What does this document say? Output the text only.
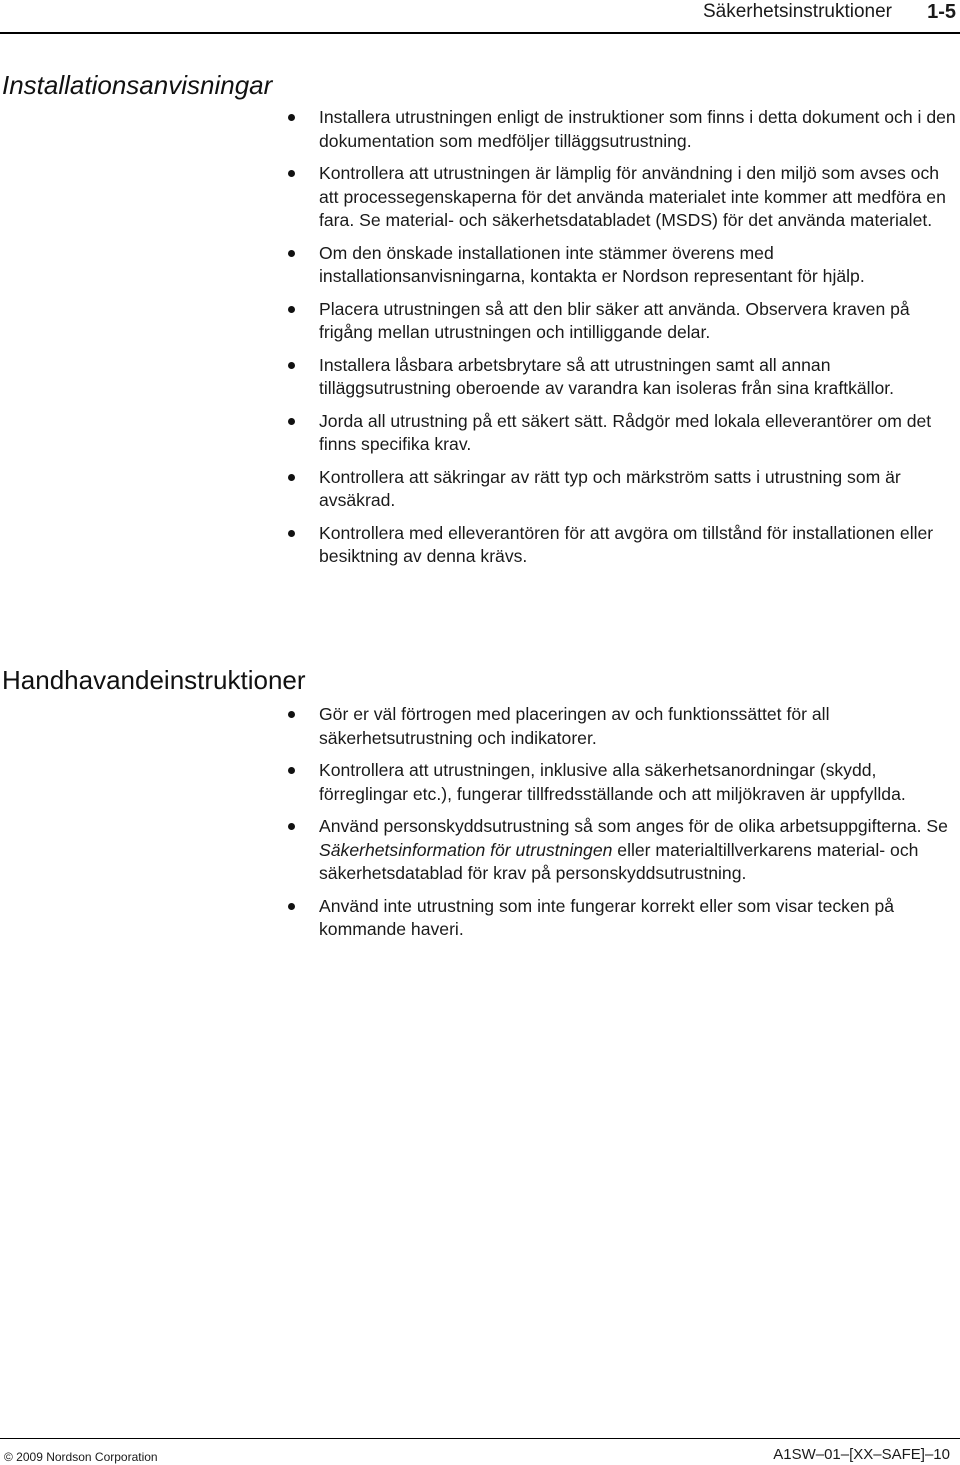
Säkerhetsinstruktioner 1-5
Installationsanvisningar
Installera utrustningen enligt de instruktioner som finns i detta dokument och i den dokumentation som medföljer tilläggsutrustning.
Kontrollera att utrustningen är lämplig för användning i den miljö som avses och att processegenskaperna för det använda materialet inte kommer att medföra en fara. Se material- och säkerhetsdatabladet (MSDS) för det använda materialet.
Om den önskade installationen inte stämmer överens med installationsanvisningarna, kontakta er Nordson representant för hjälp.
Placera utrustningen så att den blir säker att använda. Observera kraven på frigång mellan utrustningen och intilliggande delar.
Installera låsbara arbetsbrytare så att utrustningen samt all annan tilläggsutrustning oberoende av varandra kan isoleras från sina kraftkällor.
Jorda all utrustning på ett säkert sätt. Rådgör med lokala elleverantörer om det finns specifika krav.
Kontrollera att säkringar av rätt typ och märkström satts i utrustning som är avsäkrad.
Kontrollera med elleverantören för att avgöra om tillstånd för installationen eller besiktning av denna krävs.
Handhavandeinstruktioner
Gör er väl förtrogen med placeringen av och funktionssättet för all säkerhetsutrustning och indikatorer.
Kontrollera att utrustningen, inklusive alla säkerhetsanordningar (skydd, förreglingar etc.), fungerar tillfredsställande och att miljökraven är uppfyllda.
Använd personskyddsutrustning så som anges för de olika arbetsuppgifterna. Se Säkerhetsinformation för utrustningen eller materialtillverkarens material- och säkerhetsdatablad för krav på personskyddsutrustning.
Använd inte utrustning som inte fungerar korrekt eller som visar tecken på kommande haveri.
© 2009 Nordson Corporation	A1SW–01–[XX–SAFE]–10
